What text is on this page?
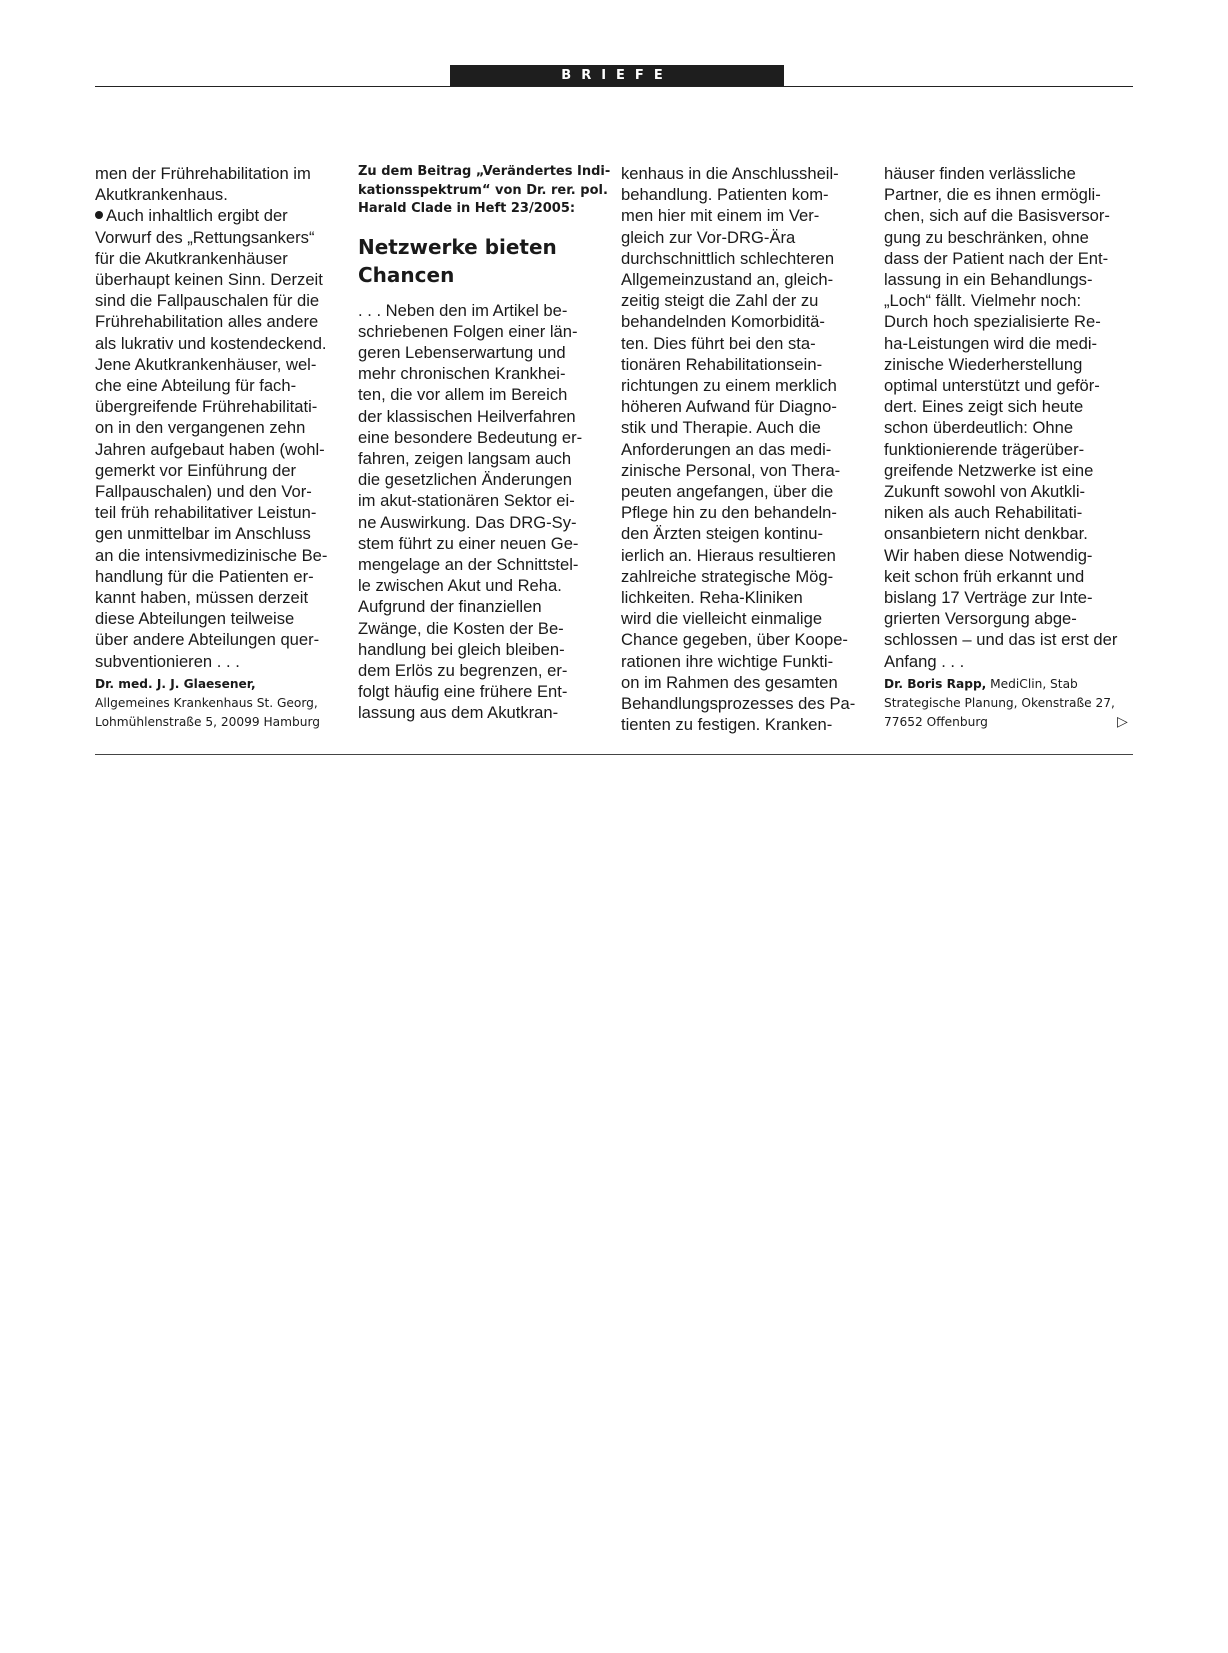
BRIEFE
men der Frührehabilitation im
Akutkrankenhaus.
Auch inhaltlich ergibt der
Vorwurf des „Rettungsankers“
für die Akutkrankenhäuser
überhaupt keinen Sinn. Derzeit
sind die Fallpauschalen für die
Frührehabilitation alles andere
als lukrativ und kostendeckend.
Jene Akutkrankenhäuser, wel-
che eine Abteilung für fach-
übergreifende Frührehabilitati-
on in den vergangenen zehn
Jahren aufgebaut haben (wohl-
gemerkt vor Einführung der
Fallpauschalen) und den Vor-
teil früh rehabilitativer Leistun-
gen unmittelbar im Anschluss
an die intensivmedizinische Be-
handlung für die Patienten er-
kannt haben, müssen derzeit
diese Abteilungen teilweise
über andere Abteilungen quer-
subventionieren . . .
Dr. med. J. J. Glaesener,
Allgemeines Krankenhaus St. Georg,
Lohmühlenstraße 5, 20099 Hamburg
Zu dem Beitrag „Verändertes Indi-
kationsspektrum“ von Dr. rer. pol.
Harald Clade in Heft 23/2005:
Netzwerke bieten
Chancen
. . . Neben den im Artikel be-
schriebenen Folgen einer län-
geren Lebenserwartung und
mehr chronischen Krankhei-
ten, die vor allem im Bereich
der klassischen Heilverfahren
eine besondere Bedeutung er-
fahren, zeigen langsam auch
die gesetzlichen Änderungen
im akut-stationären Sektor ei-
ne Auswirkung. Das DRG-Sy-
stem führt zu einer neuen Ge-
mengelage an der Schnittstel-
le zwischen Akut und Reha.
Aufgrund der finanziellen
Zwänge, die Kosten der Be-
handlung bei gleich bleiben-
dem Erlös zu begrenzen, er-
folgt häufig eine frühere Ent-
lassung aus dem Akutkran-
kenhaus in die Anschlussheil-
behandlung. Patienten kom-
men hier mit einem im Ver-
gleich zur Vor-DRG-Ära
durchschnittlich schlechteren
Allgemeinzustand an, gleich-
zeitig steigt die Zahl der zu
behandelnden Komorbiditä-
ten. Dies führt bei den sta-
tionären Rehabilitationsein-
richtungen zu einem merklich
höheren Aufwand für Diagno-
stik und Therapie. Auch die
Anforderungen an das medi-
zinische Personal, von Thera-
peuten angefangen, über die
Pflege hin zu den behandeln-
den Ärzten steigen kontinu-
ierlich an. Hieraus resultieren
zahlreiche strategische Mög-
lichkeiten. Reha-Kliniken
wird die vielleicht einmalige
Chance gegeben, über Koope-
rationen ihre wichtige Funkti-
on im Rahmen des gesamten
Behandlungsprozesses des Pa-
tienten zu festigen. Kranken-
häuser finden verlässliche
Partner, die es ihnen ermögli-
chen, sich auf die Basisversor-
gung zu beschränken, ohne
dass der Patient nach der Ent-
lassung in ein Behandlungs-
„Loch“ fällt. Vielmehr noch:
Durch hoch spezialisierte Re-
ha-Leistungen wird die medi-
zinische Wiederherstellung
optimal unterstützt und geför-
dert. Eines zeigt sich heute
schon überdeutlich: Ohne
funktionierende trägerüber-
greifende Netzwerke ist eine
Zukunft sowohl von Akutkli-
niken als auch Rehabilitati-
onsanbietern nicht denkbar.
Wir haben diese Notwendig-
keit schon früh erkannt und
bislang 17 Verträge zur Inte-
grierten Versorgung abge-
schlossen – und das ist erst der
Anfang . . .
Dr. Boris Rapp, MediClin, Stab
Strategische Planung, Okenstraße 27,
77652 Offenburg	▷
